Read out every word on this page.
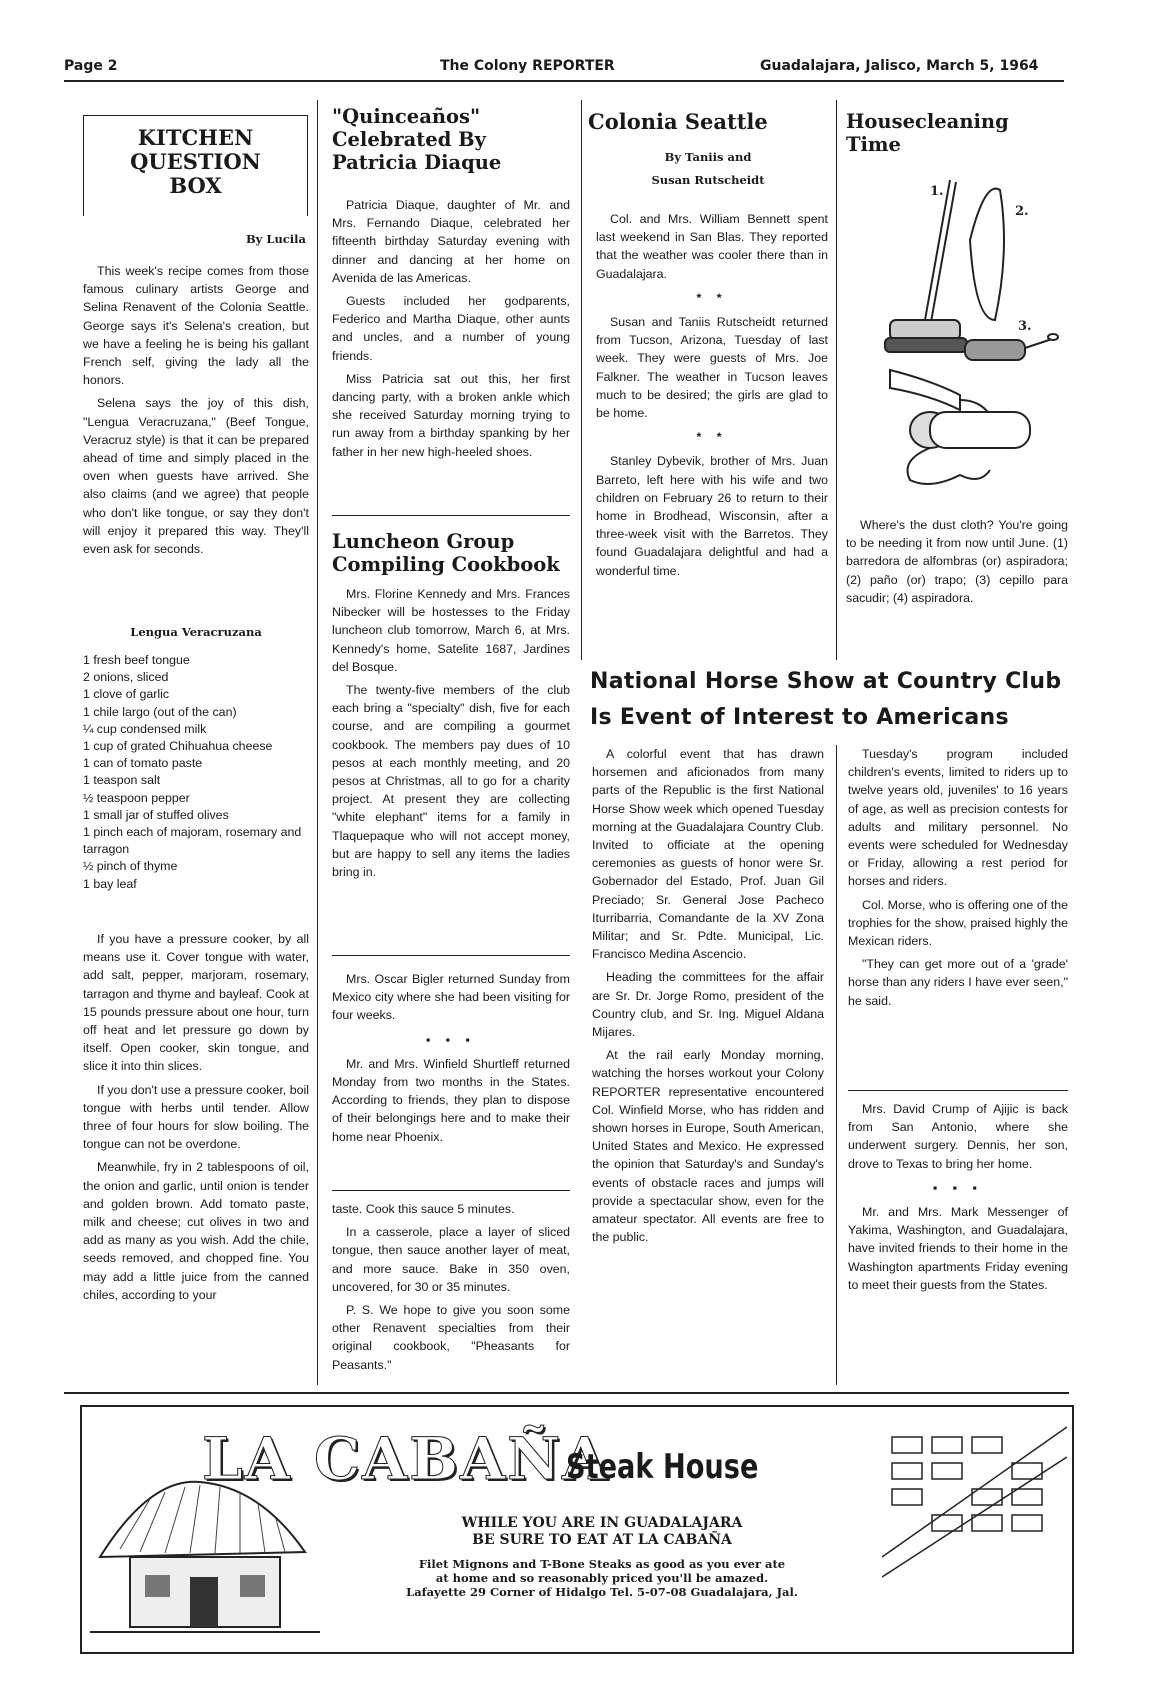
Page 2	The Colony REPORTER	Guadalajara, Jalisco, March 5, 1964
KITCHEN QUESTION BOX
By Lucila

This week's recipe comes from those famous culinary artists George and Selina Renavent of the Colonia Seattle. George says it's Selena's creation, but we have a feeling he is being his gallant French self, giving the lady all the honors.

Selena says the joy of this dish, "Lengua Veracruzana," (Beef Tongue, Veracruz style) is that it can be prepared ahead of time and simply placed in the oven when guests have arrived. She also claims (and we agree) that people who don't like tongue, or say they don't will enjoy it prepared this way. They'll even ask for seconds.

Lengua Veracruzana
1 fresh beef tongue
2 onions, sliced
1 clove of garlic
1 chile largo (out of the can)
¼ cup condensed milk
1 cup of grated Chihuahua cheese
1 can of tomato paste
1 teaspon salt
½ teaspoon pepper
1 small jar of stuffed olives
1 pinch each of majoram, rosemary and tarragon
½ pinch of thyme
1 bay leaf

If you have a pressure cooker, by all means use it. Cover tongue with water, add salt, pepper, marjoram, rosemary, tarragon and thyme and bayleaf. Cook at 15 pounds pressure about one hour, turn off heat and let pressure go down by itself. Open cooker, skin tongue, and slice it into thin slices.

If you don't use a pressure cooker, boil tongue with herbs until tender. Allow three of four hours for slow boiling. The tongue can not be overdone.

Meanwhile, fry in 2 tablespoons of oil, the onion and garlic, until onion is tender and golden brown. Add tomato paste, milk and cheese; cut olives in two and add as many as you wish. Add the chile, seeds removed, and chopped fine. You may add a little juice from the canned chiles, according to your

"Quinceaños" Celebrated By Patricia Diaque

Patricia Diaque, daughter of Mr. and Mrs. Fernando Diaque, celebrated her fifteenth birthday Saturday evening with dinner and dancing at her home on Avenida de las Americas.

Guests included her godparents, Federico and Martha Diaque, other aunts and uncles, and a number of young friends.

Miss Patricia sat out this, her first dancing party, with a broken ankle which she received Saturday morning trying to run away from a birthday spanking by her father in her new high-heeled shoes.

Luncheon Group Compiling Cookbook

Mrs. Florine Kennedy and Mrs. Frances Nibecker will be hostesses to the Friday luncheon club tomorrow, March 6, at Mrs. Kennedy's home, Satelite 1687, Jardines del Bosque.

The twenty-five members of the club each bring a "specialty" dish, five for each course, and are compiling a gourmet cookbook. The members pay dues of 10 pesos at each monthly meeting, and 20 pesos at Christmas, all to go for a charity project. At present they are collecting "white elephant" items for a family in Tlaquepaque who will not accept money, but are happy to sell any items the ladies bring in.

Mrs. Oscar Bigler returned Sunday from Mexico city where she had been visiting for four weeks.

▪ ▪ ▪

Mr. and Mrs. Winfield Shurtleff returned Monday from two months in the States. According to friends, they plan to dispose of their belongings here and to make their home near Phoenix.

taste. Cook this sauce 5 minutes.

In a casserole, place a layer of sliced tongue, then sauce another layer of meat, and more sauce. Bake in 350 oven, uncovered, for 30 or 35 minutes.

P. S. We hope to give you soon some other Renavent specialties from their original cookbook, "Pheasants for Peasants."

Colonia Seattle
By Taniis and
Susan Rutscheidt

Col. and Mrs. William Bennett spent last weekend in San Blas. They reported that the weather was cooler there than in Guadalajara.

* *

Susan and Taniis Rutscheidt returned from Tucson, Arizona, Tuesday of last week. They were guests of Mrs. Joe Falkner. The weather in Tucson leaves much to be desired; the girls are glad to be home.

* *

Stanley Dybevik, brother of Mrs. Juan Barreto, left here with his wife and two children on February 26 to return to their home in Brodhead, Wisconsin, after a three-week visit with the Barretos. They found Guadalajara delightful and had a wonderful time.

Housecleaning Time
1.
2.
3.

Where's the dust cloth? You're going to be needing it from now until June. (1) barredora de alfombras (or) aspiradora; (2) paño (or) trapo; (3) cepillo para sacudir; (4) aspiradora.

National Horse Show at Country Club
Is Event of Interest to Americans

A colorful event that has drawn horsemen and aficionados from many parts of the Republic is the first National Horse Show week which opened Tuesday morning at the Guadalajara Country Club. Invited to officiate at the opening ceremonies as guests of honor were Sr. Gobernador del Estado, Prof. Juan Gil Preciado; Sr. General Jose Pacheco Iturribarria, Comandante de la XV Zona Militar; and Sr. Pdte. Municipal, Lic. Francisco Medina Ascencio.

Heading the committees for the affair are Sr. Dr. Jorge Romo, president of the Country club, and Sr. Ing. Miguel Aldana Mijares.

At the rail early Monday morning, watching the horses workout your Colony REPORTER representative encountered Col. Winfield Morse, who has ridden and shown horses in Europe, South American, United States and Mexico. He expressed the opinion that Saturday's and Sunday's events of obstacle races and jumps will provide a spectacular show, even for the amateur spectator. All events are free to the public.

Tuesday's program included children's events, limited to riders up to twelve years old, juveniles' to 16 years of age, as well as precision contests for adults and military personnel. No events were scheduled for Wednesday or Friday, allowing a rest period for horses and riders.

Col. Morse, who is offering one of the trophies for the show, praised highly the Mexican riders.

"They can get more out of a 'grade' horse than any riders I have ever seen," he said.

Mrs. David Crump of Ajijic is back from San Antonio, where she underwent surgery. Dennis, her son, drove to Texas to bring her home.

▪ ▪ ▪

Mr. and Mrs. Mark Messenger of Yakima, Washington, and Guadalajara, have invited friends to their home in the Washington apartments Friday evening to meet their guests from the States.

LA CABAÑA
Steak House
WHILE YOU ARE IN GUADALAJARA
BE SURE TO EAT AT LA CABAÑA
Filet Mignons and T-Bone Steaks as good as you ever ate
at home and so reasonably priced you'll be amazed.
Lafayette 29 Corner of Hidalgo Tel. 5-07-08 Guadalajara, Jal.
